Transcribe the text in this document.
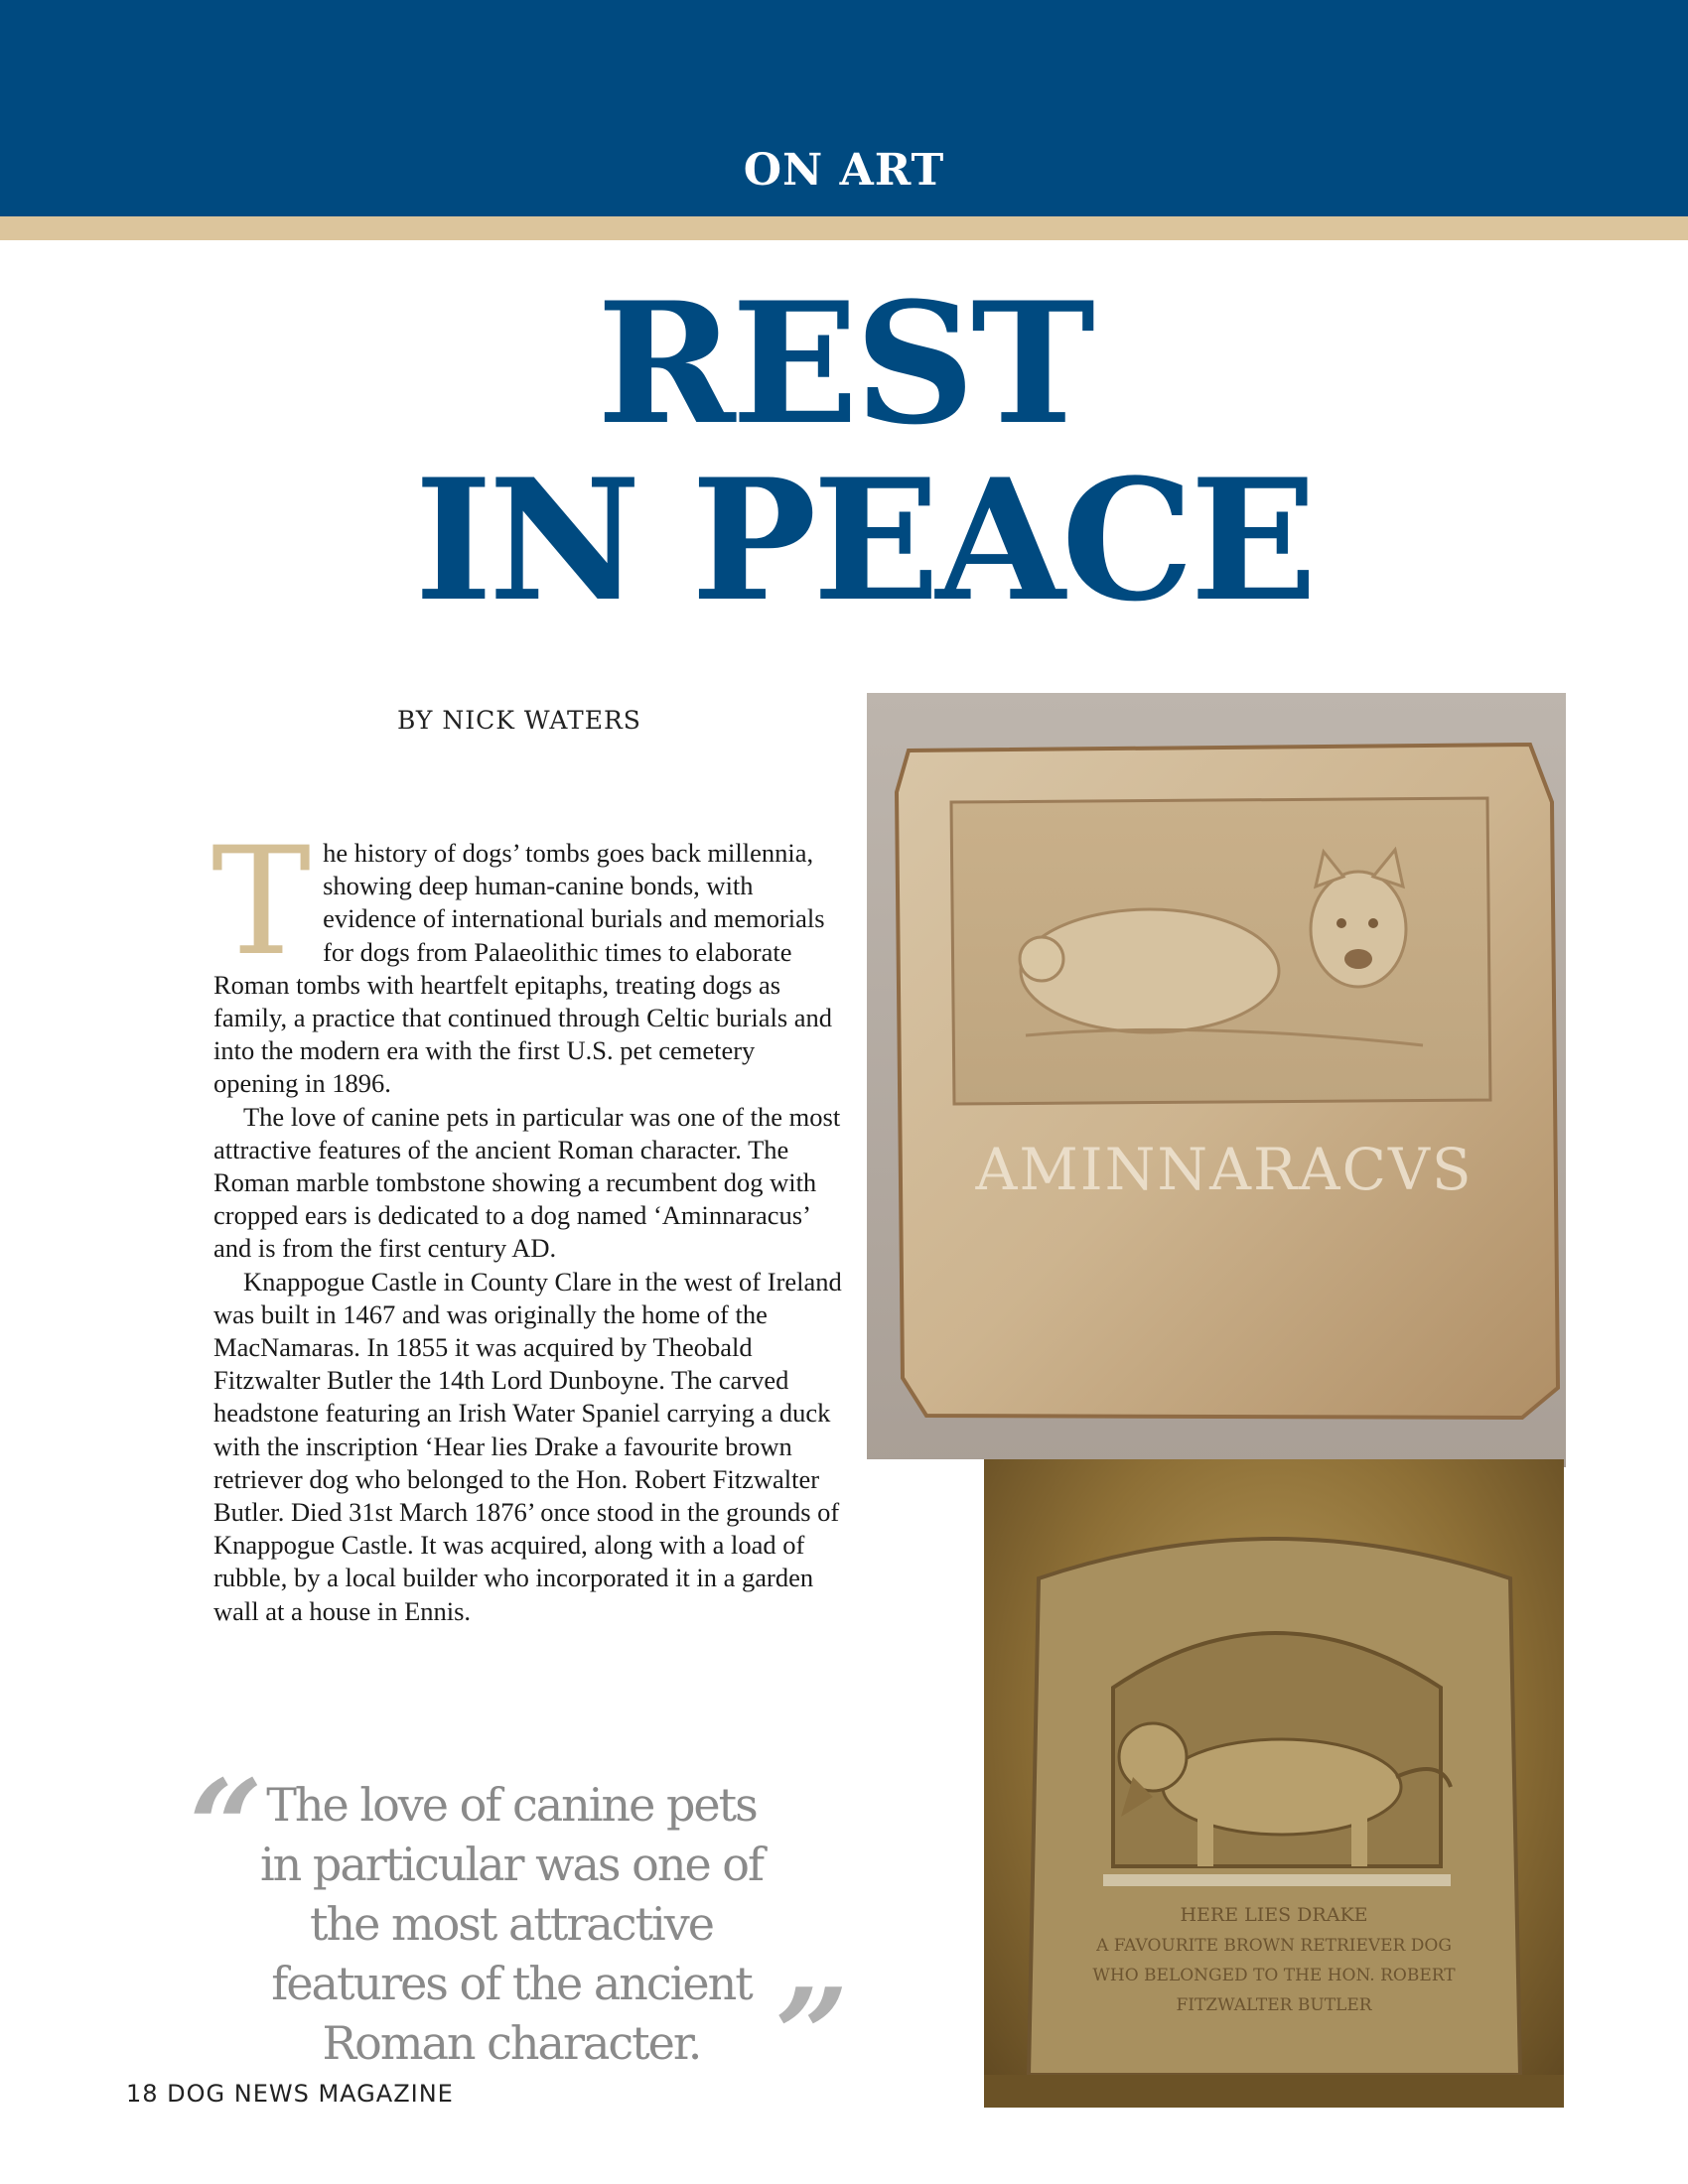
ON ART
REST
IN PEACE
BY NICK WATERS

The history of dogs’ tombs goes back millennia, showing deep human-canine bonds, with evidence of international burials and memorials for dogs from Palaeolithic times to elaborate Roman tombs with heartfelt epitaphs, treating dogs as family, a practice that continued through Celtic burials and into the modern era with the first U.S. pet cemetery opening in 1896.

The love of canine pets in particular was one of the most attractive features of the ancient Roman character. The Roman marble tombstone showing a recumbent dog with cropped ears is dedicated to a dog named ‘Aminnaracus’ and is from the first century AD.

Knappogue Castle in County Clare in the west of Ireland was built in 1467 and was originally the home of the MacNamaras. In 1855 it was acquired by Theobald Fitzwalter Butler the 14th Lord Dunboyne. The carved headstone featuring an Irish Water Spaniel carrying a duck with the inscription ‘Hear lies Drake a favourite brown retriever dog who belonged to the Hon. Robert Fitzwalter Butler. Died 31st March 1876’ once stood in the grounds of Knappogue Castle. It was acquired, along with a load of rubble, by a local builder who incorporated it in a garden wall at a house in Ennis.

“ The love of canine pets in particular was one of the most attractive features of the ancient Roman character. ”
AMINNARACVS
HERE LIES DRAKE
A FAVOURITE BROWN RETRIEVER DOG
WHO BELONGED TO THE HON. ROBERT
FITZWALTER BUTLER
18 DOG NEWS MAGAZINE
